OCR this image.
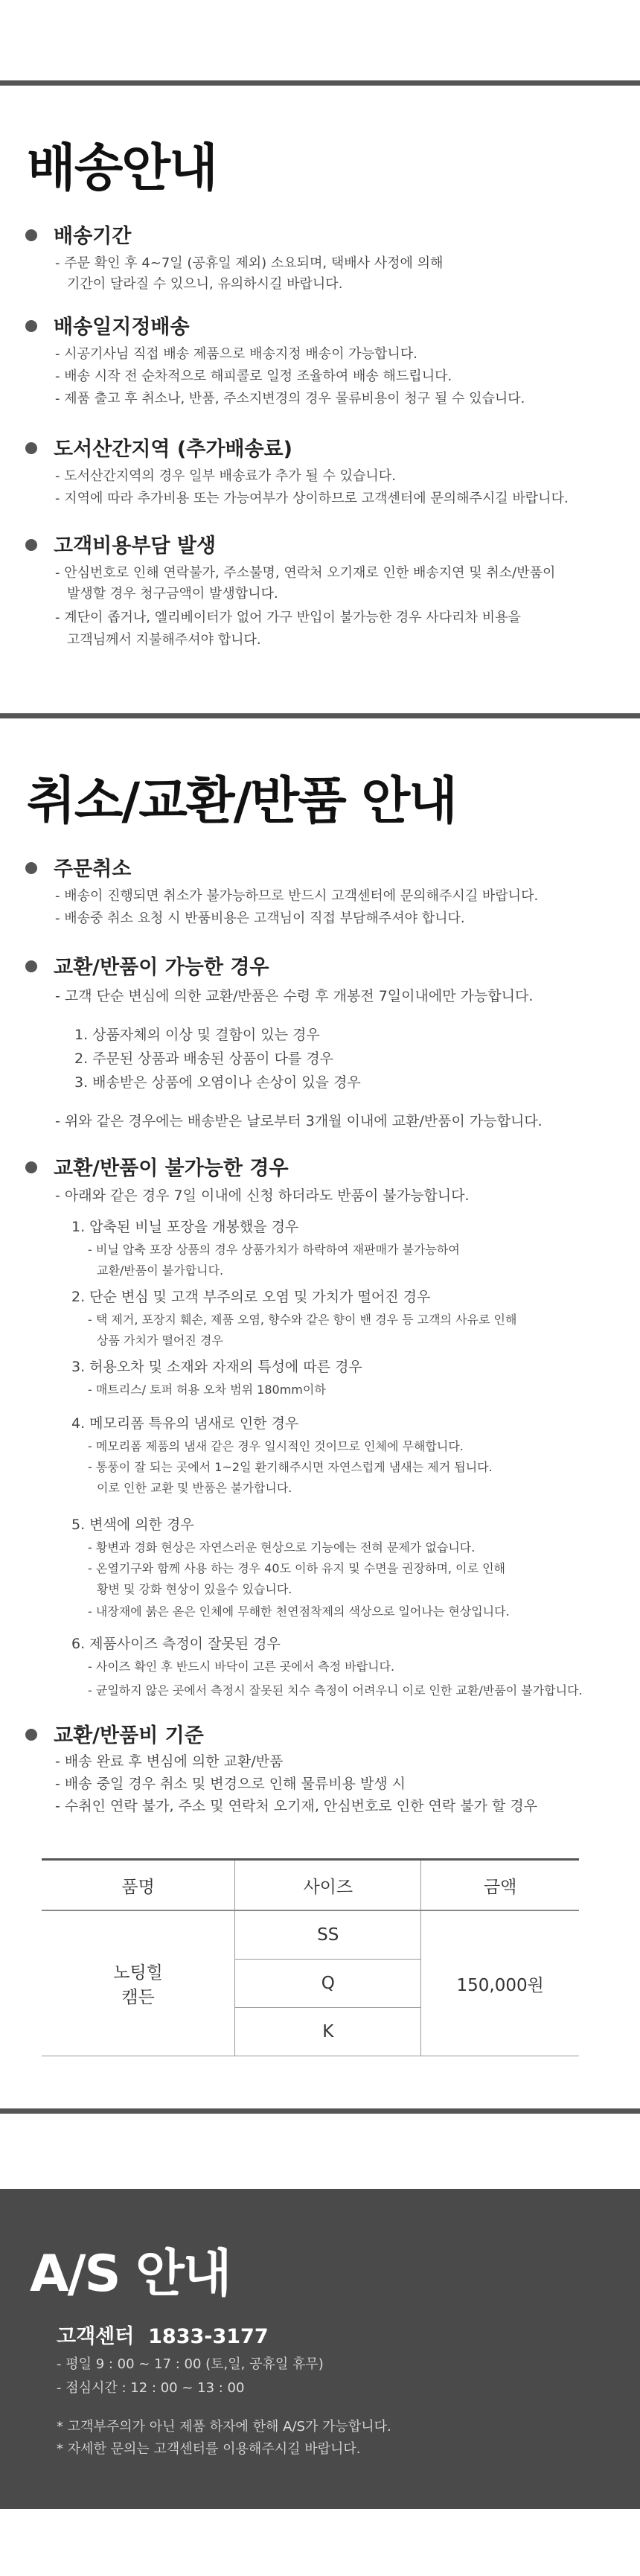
배송안내
배송기간
- 주문 확인 후 4~7일 (공휴일 제외) 소요되며, 택배사 사정에 의해
기간이 달라질 수 있으니, 유의하시길 바랍니다.
배송일지정배송
- 시공기사님 직접 배송 제품으로 배송지정 배송이 가능합니다.
- 배송 시작 전 순차적으로 해피콜로 일정 조율하여 배송 해드립니다.
- 제품 출고 후 취소나, 반품, 주소지변경의 경우 물류비용이 청구 될 수 있습니다.
도서산간지역 (추가배송료)
- 도서산간지역의 경우 일부 배송료가 추가 될 수 있습니다.
- 지역에 따라 추가비용 또는 가능여부가 상이하므로 고객센터에 문의해주시길 바랍니다.
고객비용부담 발생
- 안심번호로 인해 연락불가, 주소불명, 연락처 오기재로 인한 배송지연 및 취소/반품이
발생할 경우 청구금액이 발생합니다.
- 계단이 좁거나, 엘리베이터가 없어 가구 반입이 불가능한 경우 사다리차 비용을
고객님께서 지불해주셔야 합니다.
취소/교환/반품 안내
주문취소
- 배송이 진행되면 취소가 불가능하므로 반드시 고객센터에 문의해주시길 바랍니다.
- 배송중 취소 요청 시 반품비용은 고객님이 직접 부담해주셔야 합니다.
교환/반품이 가능한 경우
- 고객 단순 변심에 의한 교환/반품은 수령 후 개봉전 7일이내에만 가능합니다.
1. 상품자체의 이상 및 결함이 있는 경우
2. 주문된 상품과 배송된 상품이 다를 경우
3. 배송받은 상품에 오염이나 손상이 있을 경우
- 위와 같은 경우에는 배송받은 날로부터 3개월 이내에 교환/반품이 가능합니다.
교환/반품이 불가능한 경우
- 아래와 같은 경우 7일 이내에 신청 하더라도 반품이 불가능합니다.
1. 압축된 비닐 포장을 개봉했을 경우
- 비닐 압축 포장 상품의 경우 상품가치가 하락하여 재판매가 불가능하여
교환/반품이 불가합니다.
2. 단순 변심 및 고객 부주의로 오염 및 가치가 떨어진 경우
- 택 제거, 포장지 훼손, 제품 오염, 향수와 같은 향이 밴 경우 등 고객의 사유로 인해
상품 가치가 떨어진 경우
3. 허용오차 및 소재와 자재의 특성에 따른 경우
- 매트리스/ 토퍼 허용 오차 범위 180mm이하
4. 메모리폼 특유의 냄새로 인한 경우
- 메모리폼 제품의 냄새 같은 경우 일시적인 것이므로 인체에 무해합니다.
- 통풍이 잘 되는 곳에서 1~2일 환기해주시면 자연스럽게 냄새는 제거 됩니다.
이로 인한 교환 및 반품은 불가합니다.
5. 변색에 의한 경우
- 황변과 경화 현상은 자연스러운 현상으로 기능에는 전혀 문제가 없습니다.
- 온열기구와 함께 사용 하는 경우 40도 이하 유지 및 수면을 권장하며, 이로 인해
황변 및 강화 현상이 있을수 있습니다.
- 내장재에 붉은 옫은 인체에 무해한 천연점착제의 색상으로 일어나는 현상입니다.
6. 제품사이즈 측정이 잘못된 경우
- 사이즈 확인 후 반드시 바닥이 고른 곳에서 측정 바랍니다.
- 균일하지 않은 곳에서 측정시 잘못된 치수 측정이 어려우니 이로 인한 교환/반품이 불가합니다.
교환/반품비 기준
- 배송 완료 후 변심에 의한 교환/반품
- 배송 중일 경우 취소 및 변경으로 인해 물류비용 발생 시
- 수취인 연락 불가, 주소 및 연락처 오기재, 안심번호로 인한 연락 불가 할 경우
품명	사이즈	금액

노팅힐
캠든	SS	150,000원
	Q	
	K	
A/S 안내
고객센터  1833-3177
- 평일 9 : 00 ~ 17 : 00 (토,일, 공휴일 휴무)
- 점심시간 : 12 : 00 ~ 13 : 00
* 고객부주의가 아닌 제품 하자에 한해 A/S가 가능합니다.
* 자세한 문의는 고객센터를 이용해주시길 바랍니다.
